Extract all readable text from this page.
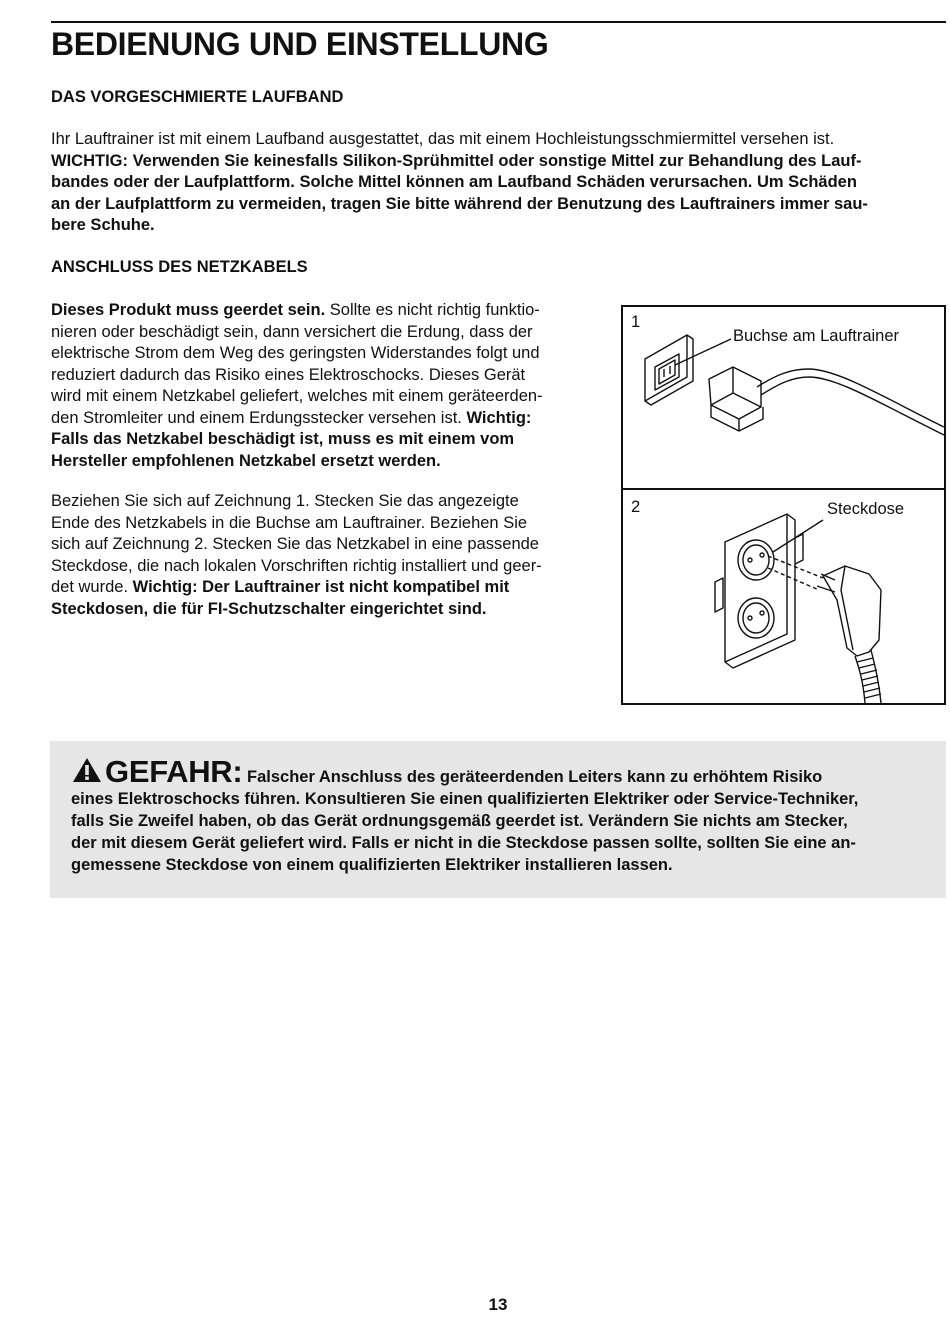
BEDIENUNG UND EINSTELLUNG
DAS VORGESCHMIERTE LAUFBAND
Ihr Lauftrainer ist mit einem Laufband ausgestattet, das mit einem Hochleistungsschmiermittel versehen ist.
WICHTIG: Verwenden Sie keinesfalls Silikon-Sprühmittel oder sonstige Mittel zur Behandlung des Lauf-
bandes oder der Laufplattform. Solche Mittel können am Laufband Schäden verursachen. Um Schäden
an der Laufplattform zu vermeiden, tragen Sie bitte während der Benutzung des Lauftrainers immer sau-
bere Schuhe.
ANSCHLUSS DES NETZKABELS
Dieses Produkt muss geerdet sein. Sollte es nicht richtig funktio-
nieren oder beschädigt sein, dann versichert die Erdung, dass der
elektrische Strom dem Weg des geringsten Widerstandes folgt und
reduziert dadurch das Risiko eines Elektroschocks. Dieses Gerät
wird mit einem Netzkabel geliefert, welches mit einem geräteerden-
den Stromleiter und einem Erdungsstecker versehen ist. Wichtig:
Falls das Netzkabel beschädigt ist, muss es mit einem vom
Hersteller empfohlenen Netzkabel ersetzt werden.
Beziehen Sie sich auf Zeichnung 1. Stecken Sie das angezeigte
Ende des Netzkabels in die Buchse am Lauftrainer. Beziehen Sie
sich auf Zeichnung 2. Stecken Sie das Netzkabel in eine passende
Steckdose, die nach lokalen Vorschriften richtig installiert und geer-
det wurde. Wichtig: Der Lauftrainer ist nicht kompatibel mit
Steckdosen, die für FI-Schutzschalter eingerichtet sind.
1
Buchse am Lauftrainer
2	Steckdose
GEFAHR: Falscher Anschluss des geräteerdenden Leiters kann zu erhöhtem Risiko
eines Elektroschocks führen. Konsultieren Sie einen qualifizierten Elektriker oder Service-Techniker,
falls Sie Zweifel haben, ob das Gerät ordnungsgemäß geerdet ist. Verändern Sie nichts am Stecker,
der mit diesem Gerät geliefert wird. Falls er nicht in die Steckdose passen sollte, sollten Sie eine an-
gemessene Steckdose von einem qualifizierten Elektriker installieren lassen.
13
